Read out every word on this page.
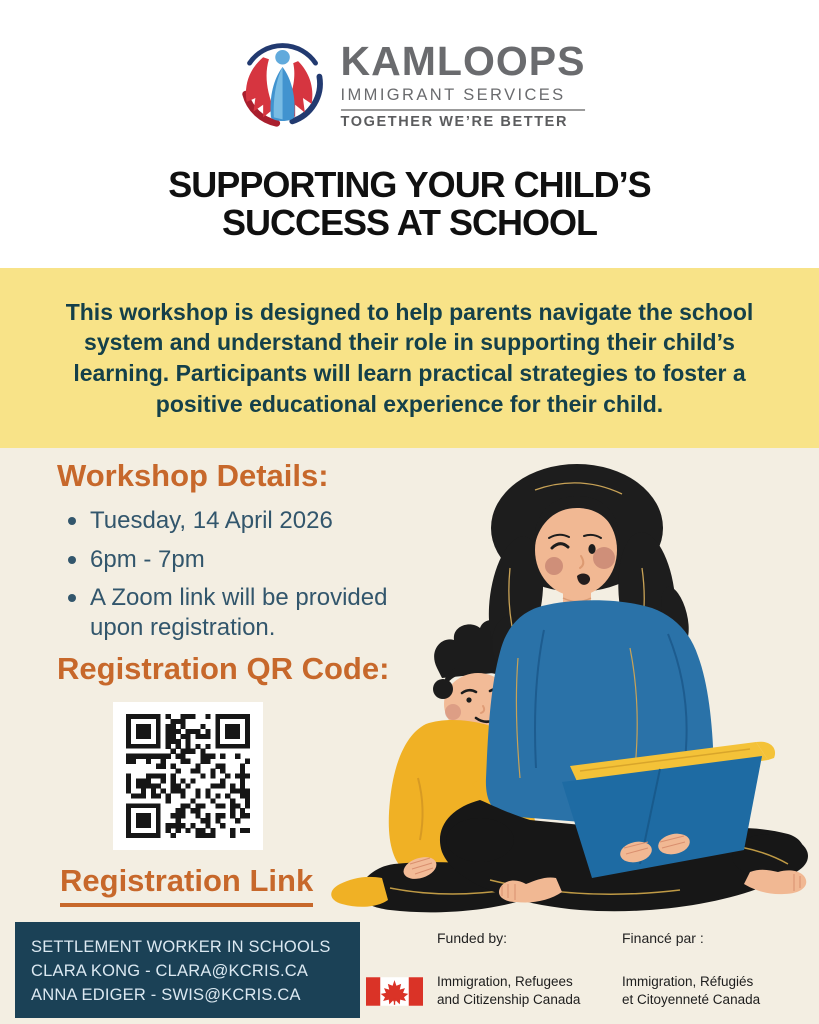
KAMLOOPS
IMMIGRANT SERVICES
TOGETHER WE’RE BETTER
SUPPORTING YOUR CHILD’S
SUCCESS AT SCHOOL

This workshop is designed to help parents navigate the school system and understand their role in supporting their child’s learning. Participants will learn practical strategies to foster a positive educational experience for their child.

Workshop Details:
Tuesday, 14 April 2026
6pm - 7pm
A Zoom link will be provided upon registration.
Registration QR Code:
Registration Link
SETTLEMENT WORKER IN SCHOOLS
CLARA KONG - CLARA@KCRIS.CA
ANNA EDIGER - SWIS@KCRIS.CA
Funded by:	Financé par :
Immigration, Refugees
and Citizenship Canada
Immigration, Réfugiés
et Citoyenneté Canada
